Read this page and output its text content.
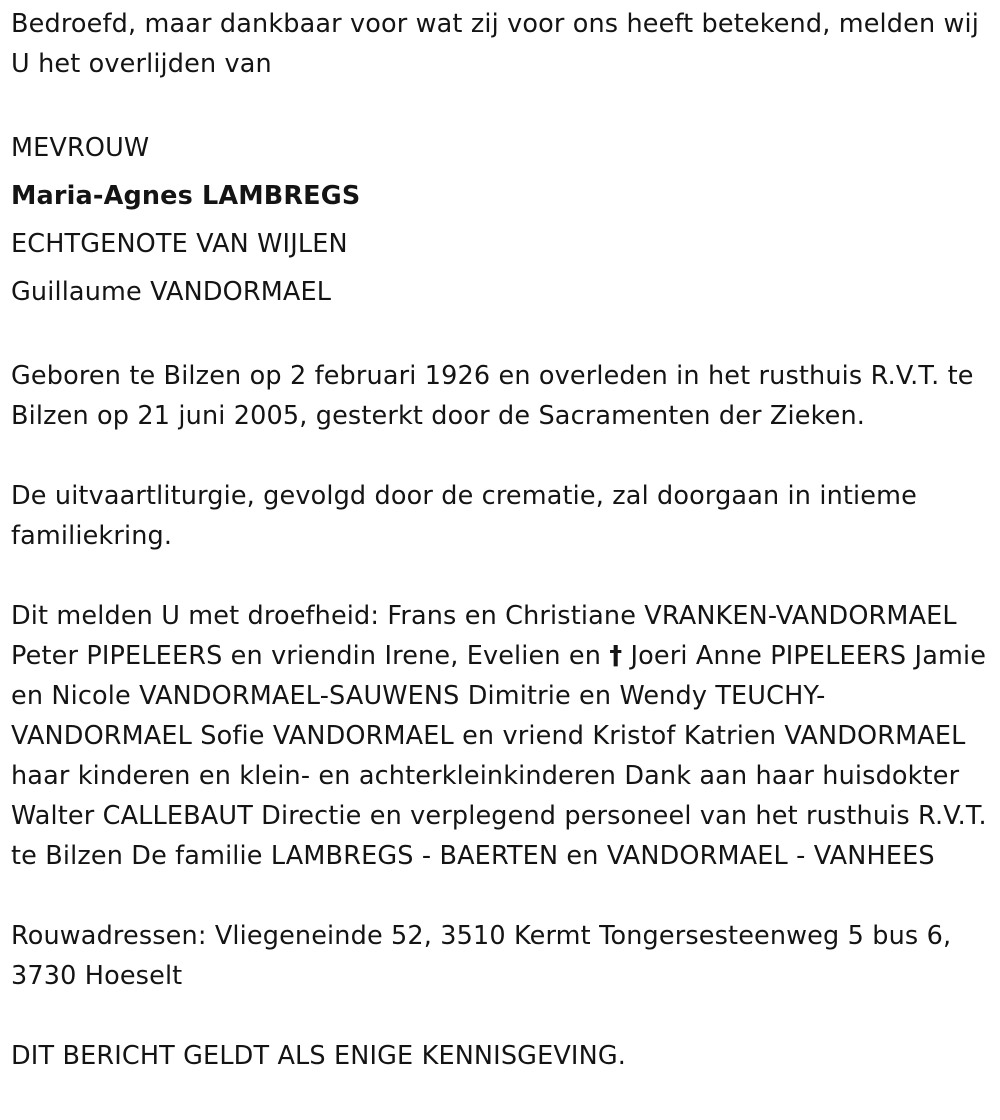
Bedroefd, maar dankbaar voor wat zij voor ons heeft betekend, melden wij U het overlijden van

MEVROUW

Maria-Agnes LAMBREGS

ECHTGENOTE VAN WIJLEN

Guillaume VANDORMAEL

Geboren te Bilzen op 2 februari 1926 en overleden in het rusthuis R.V.T. te Bilzen op 21 juni 2005, gesterkt door de Sacramenten der Zieken.

De uitvaartliturgie, gevolgd door de crematie, zal doorgaan in intieme familiekring.

Dit melden U met droefheid: Frans en Christiane VRANKEN-VANDORMAEL Peter PIPELEERS en vriendin Irene, Evelien en † Joeri Anne PIPELEERS Jamie en Nicole VANDORMAEL-SAUWENS Dimitrie en Wendy TEUCHY-VANDORMAEL Sofie VANDORMAEL en vriend Kristof Katrien VANDORMAEL haar kinderen en klein- en achterkleinkinderen Dank aan haar huisdokter Walter CALLEBAUT Directie en verplegend personeel van het rusthuis R.V.T. te Bilzen De familie LAMBREGS - BAERTEN en VANDORMAEL - VANHEES

Rouwadressen: Vliegeneinde 52, 3510 Kermt Tongersesteenweg 5 bus 6, 3730 Hoeselt

DIT BERICHT GELDT ALS ENIGE KENNISGEVING.
